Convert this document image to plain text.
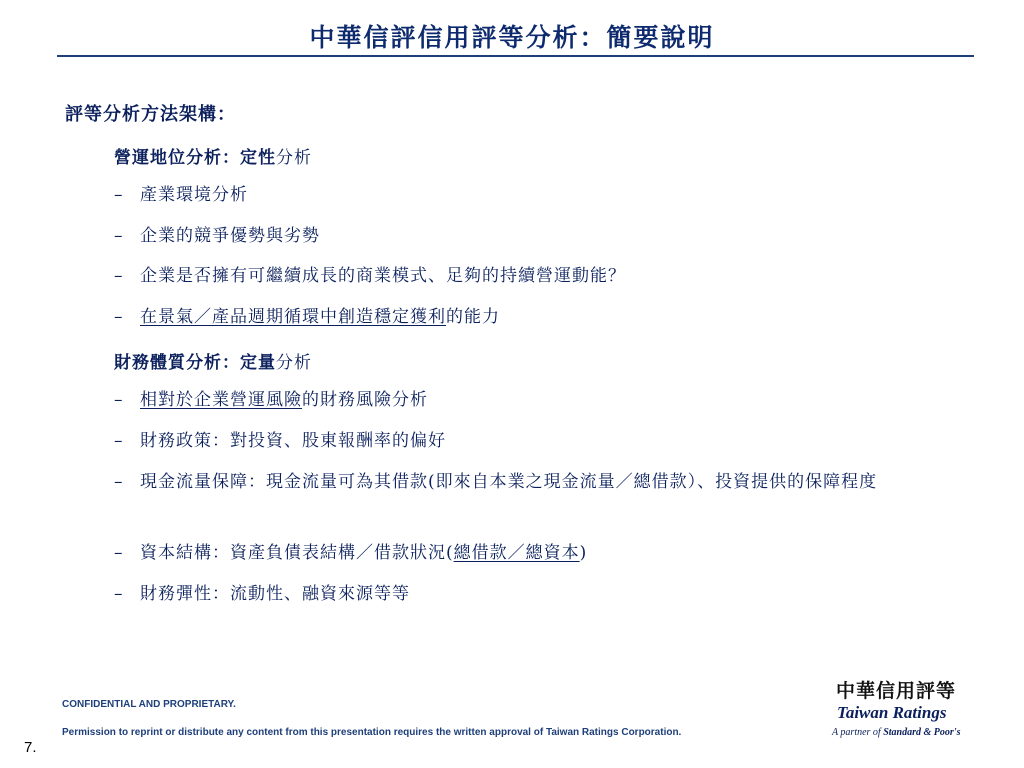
中華信評信用評等分析：簡要說明
評等分析方法架構：
營運地位分析：定性分析
– 產業環境分析
– 企業的競爭優勢與劣勢
– 企業是否擁有可繼續成長的商業模式、足夠的持續營運動能？
– 在景氣／產品週期循環中創造穩定獲利的能力
財務體質分析：定量分析
– 相對於企業營運風險的財務風險分析
– 財務政策：對投資、股東報酬率的偏好
– 現金流量保障：現金流量可為其借款(即來自本業之現金流量／總借款）、投資提供的保障程度
– 資本結構：資產負債表結構／借款狀況(總借款／總資本)
– 財務彈性：流動性、融資來源等等
CONFIDENTIAL AND PROPRIETARY.
Permission to reprint or distribute any content from this presentation requires the written approval of Taiwan Ratings Corporation.
7.
中華信用評等
Taiwan Ratings
A partner of Standard & Poor's
